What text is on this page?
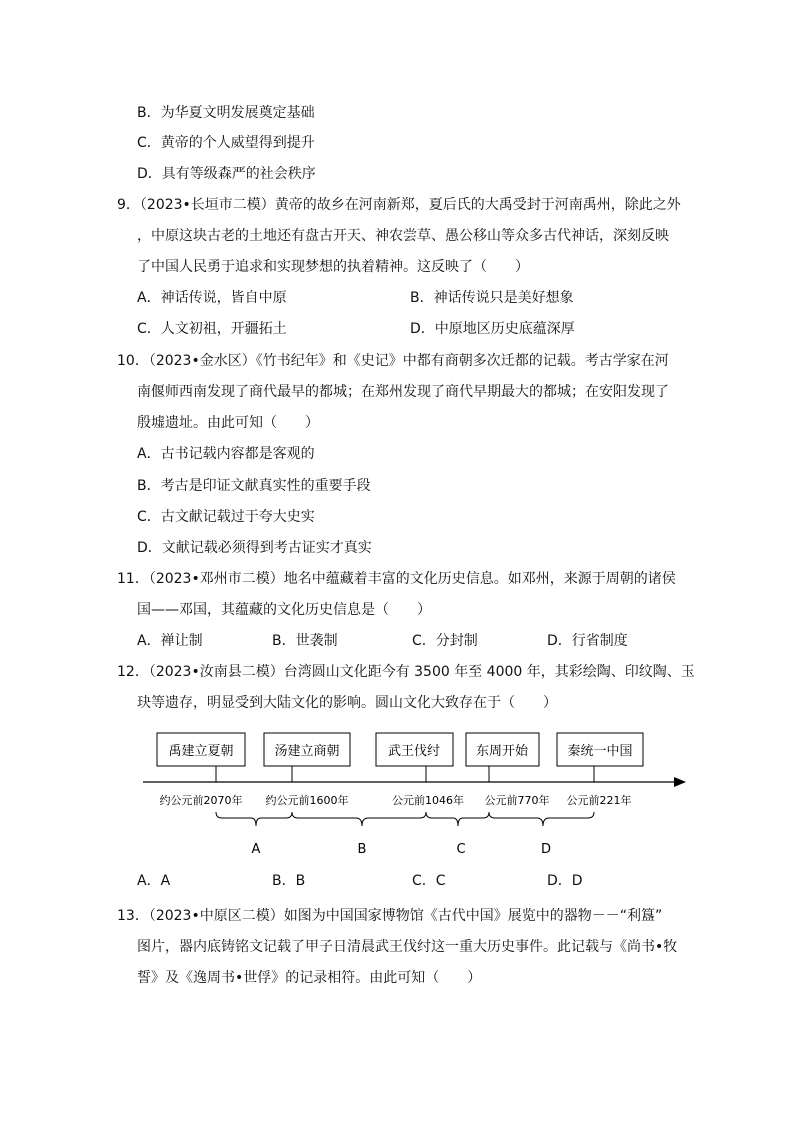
B．为华夏文明发展奠定基础
C．黄帝的个人威望得到提升
D．具有等级森严的社会秩序
9．（2023•长垣市二模）黄帝的故乡在河南新郑，夏后氏的大禹受封于河南禹州，除此之外
，中原这块古老的土地还有盘古开天、神农尝草、愚公移山等众多古代神话，深刻反映
了中国人民勇于追求和实现梦想的执着精神。这反映了（　　）
A．神话传说，皆自中原	B．神话传说只是美好想象
C．人文初祖，开疆拓土	D．中原地区历史底蕴深厚
10．（2023•金水区）《竹书纪年》和《史记》中都有商朝多次迁都的记载。考古学家在河
南偃师西南发现了商代最早的都城；在郑州发现了商代早期最大的都城；在安阳发现了
殷墟遗址。由此可知（　　）
A．古书记载内容都是客观的
B．考古是印证文献真实性的重要手段
C．古文献记载过于夸大史实
D．文献记载必须得到考古证实才真实
11．（2023•邓州市二模）地名中蕴藏着丰富的文化历史信息。如邓州，来源于周朝的诸侯
国——邓国，其蕴藏的文化历史信息是（　　）
A．禅让制	B．世袭制	C．分封制	D．行省制度
12．（2023•汝南县二模）台湾圆山文化距今有 3500 年至 4000 年，其彩绘陶、印纹陶、玉
玦等遗存，明显受到大陆文化的影响。圆山文化大致存在于（　　）
禹建立夏朝	汤建立商朝	武王伐纣	东周开始	秦统一中国
约公元前2070年 约公元前1600年	公元前1046年 公元前770年 公元前221年
A	B	C	D
A．A	B．B	C．C	D．D
13．（2023•中原区二模）如图为中国国家博物馆《古代中国》展览中的器物－－“利簋”
图片，器内底铸铭文记载了甲子日清晨武王伐纣这一重大历史事件。此记载与《尚书•牧
誓》及《逸周书•世俘》的记录相符。由此可知（　　）
